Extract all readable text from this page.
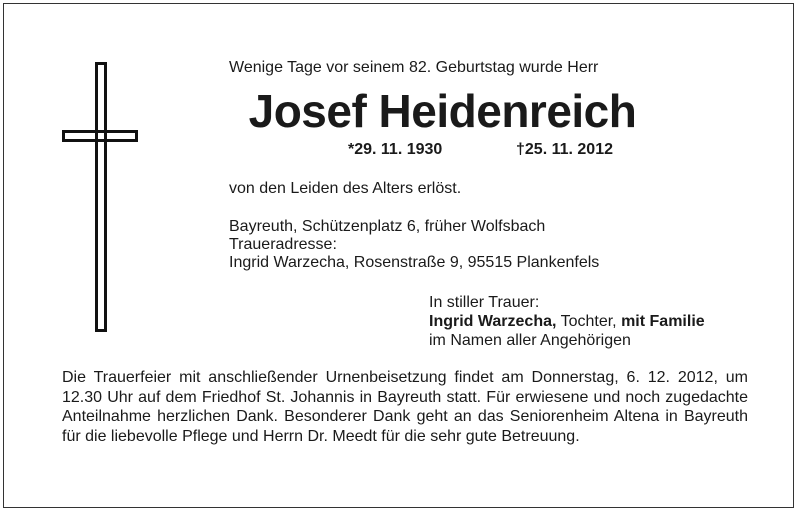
Wenige Tage vor seinem 82. Geburtstag wurde Herr
Josef Heidenreich
*29. 11. 1930	†25. 11. 2012
von den Leiden des Alters erlöst.
Bayreuth, Schützenplatz 6, früher Wolfsbach
Traueradresse:
Ingrid Warzecha, Rosenstraße 9, 95515 Plankenfels
In stiller Trauer:
Ingrid Warzecha, Tochter, mit Familie
im Namen aller Angehörigen
Die Trauerfeier mit anschließender Urnenbeisetzung findet am Donnerstag, 6. 12. 2012, um 12.30 Uhr auf dem Friedhof St. Johannis in Bayreuth statt. Für erwiesene und noch zugedachte Anteilnahme herzlichen Dank. Besonderer Dank geht an das Seniorenheim Altena in Bayreuth für die liebevolle Pflege und Herrn Dr. Meedt für die sehr gute Betreuung.
